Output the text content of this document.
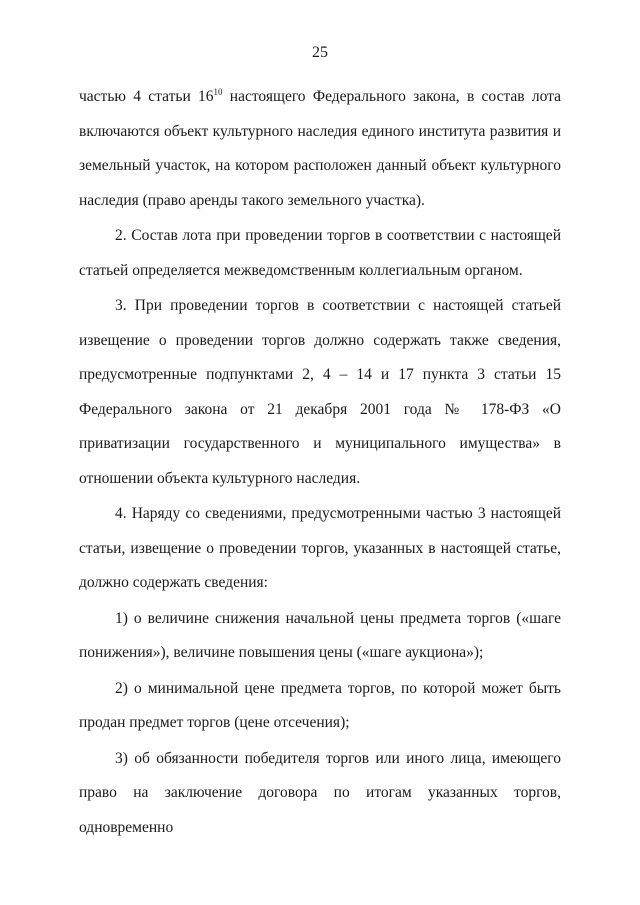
25

частью 4 статьи $16^{10}$ настоящего Федерального закона, в состав лота включаются объект культурного наследия единого института развития и земельный участок, на котором расположен данный объект культурного наследия (право аренды такого земельного участка).

2. Состав лота при проведении торгов в соответствии с настоящей статьей определяется межведомственным коллегиальным органом.

3. При проведении торгов в соответствии с настоящей статьей извещение о проведении торгов должно содержать также сведения, предусмотренные подпунктами 2, 4 – 14 и 17 пункта 3 статьи 15 Федерального закона от 21 декабря 2001 года № 178-ФЗ «О приватизации государственного и муниципального имущества» в отношении объекта культурного наследия.

4. Наряду со сведениями, предусмотренными частью 3 настоящей статьи, извещение о проведении торгов, указанных в настоящей статье, должно содержать сведения:

1) о величине снижения начальной цены предмета торгов («шаге понижения»), величине повышения цены («шаге аукциона»);

2) о минимальной цене предмета торгов, по которой может быть продан предмет торгов (цене отсечения);

3) об обязанности победителя торгов или иного лица, имеющего право на заключение договора по итогам указанных торгов, одновременно
